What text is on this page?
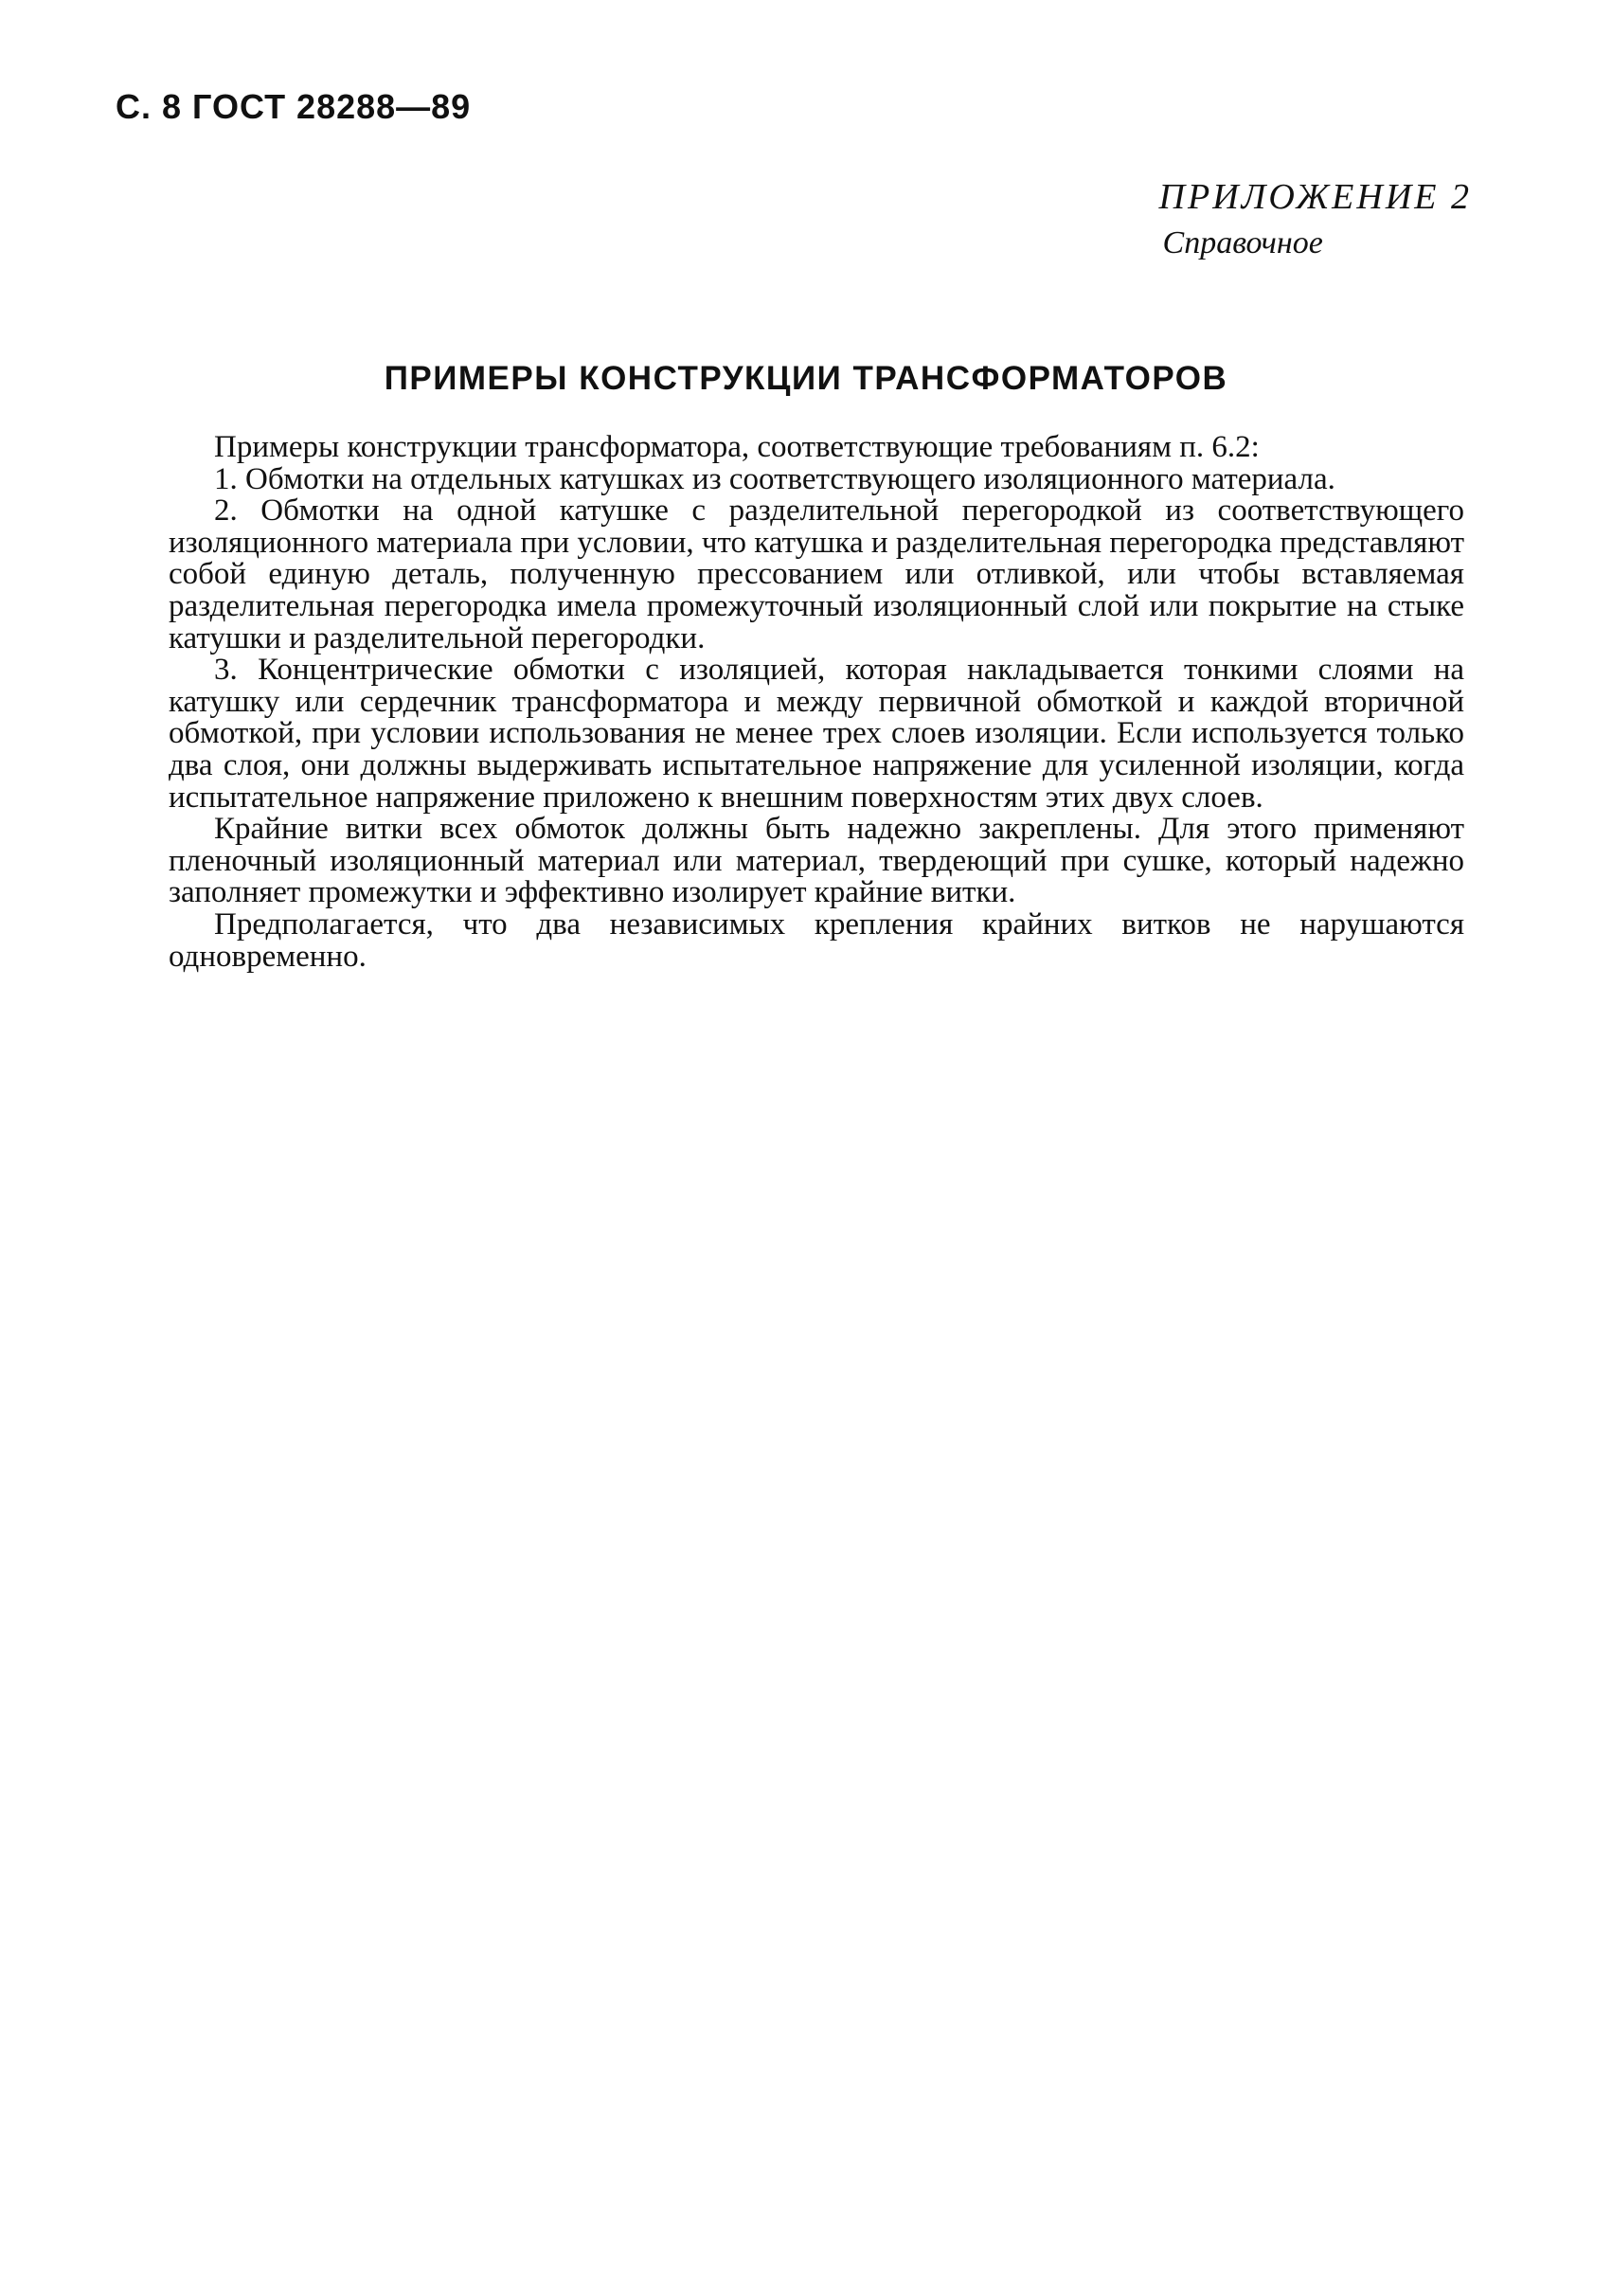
С. 8 ГОСТ 28288—89
ПРИЛОЖЕНИЕ 2
Справочное
ПРИМЕРЫ КОНСТРУКЦИИ ТРАНСФОРМАТОРОВ

Примеры конструкции трансформатора, соответствующие требованиям п. 6.2:

1. Обмотки на отдельных катушках из соответствующего изоляционного материала.

2. Обмотки на одной катушке с разделительной перегородкой из соответствующего изоляционного материала при условии, что катушка и разделительная перегородка представляют собой единую деталь, полученную прессованием или отливкой, или чтобы вставляемая разделительная перегородка имела промежуточный изоляционный слой или покрытие на стыке катушки и разделительной перегородки.

3. Концентрические обмотки с изоляцией, которая накладывается тонкими слоями на катушку или сердечник трансформатора и между первичной обмоткой и каждой вторичной обмоткой, при условии использования не менее трех слоев изоляции. Если используется только два слоя, они должны выдерживать испытательное напряжение для усиленной изоляции, когда испытательное напряжение приложено к внешним поверхностям этих двух слоев.

Крайние витки всех обмоток должны быть надежно закреплены. Для этого применяют пленочный изоляционный материал или материал, твердеющий при сушке, который надежно заполняет промежутки и эффективно изолирует крайние витки.

Предполагается, что два независимых крепления крайних витков не нарушаются одновременно.
